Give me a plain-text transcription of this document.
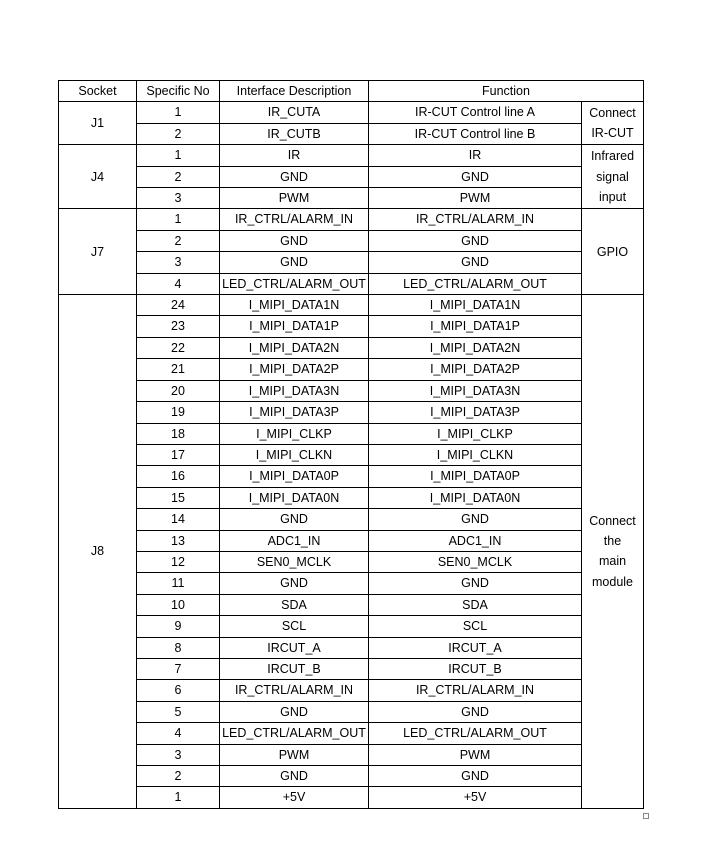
Socket	Specific No	Interface Description	Function	
J1	1	IR_CUTA	IR-CUT Control line A	Connect
IR-CUT

	2	IR_CUTB	IR-CUT Control line B	
J4	1	IR	IR	Infrared
signal
input

	2	GND	GND	
	3	PWM	PWM	
J7	1	IR_CTRL/ALARM_IN	IR_CTRL/ALARM_IN	GPIO

	2	GND	GND	
	3	GND	GND	
	4	LED_CTRL/ALARM_OUT	LED_CTRL/ALARM_OUT	
J8	24	I_MIPI_DATA1N	I_MIPI_DATA1N	Connect
the
main
module

	23	I_MIPI_DATA1P	I_MIPI_DATA1P	
	22	I_MIPI_DATA2N	I_MIPI_DATA2N	
	21	I_MIPI_DATA2P	I_MIPI_DATA2P	
	20	I_MIPI_DATA3N	I_MIPI_DATA3N	
	19	I_MIPI_DATA3P	I_MIPI_DATA3P	
	18	I_MIPI_CLKP	I_MIPI_CLKP	
	17	I_MIPI_CLKN	I_MIPI_CLKN	
	16	I_MIPI_DATA0P	I_MIPI_DATA0P	
	15	I_MIPI_DATA0N	I_MIPI_DATA0N	
	14	GND	GND	
	13	ADC1_IN	ADC1_IN	
	12	SEN0_MCLK	SEN0_MCLK	
	11	GND	GND	
	10	SDA	SDA	
	9	SCL	SCL	
	8	IRCUT_A	IRCUT_A	
	7	IRCUT_B	IRCUT_B	
	6	IR_CTRL/ALARM_IN	IR_CTRL/ALARM_IN	
	5	GND	GND	
	4	LED_CTRL/ALARM_OUT	LED_CTRL/ALARM_OUT	
	3	PWM	PWM	
	2	GND	GND	
	1	+5V	+5V	
